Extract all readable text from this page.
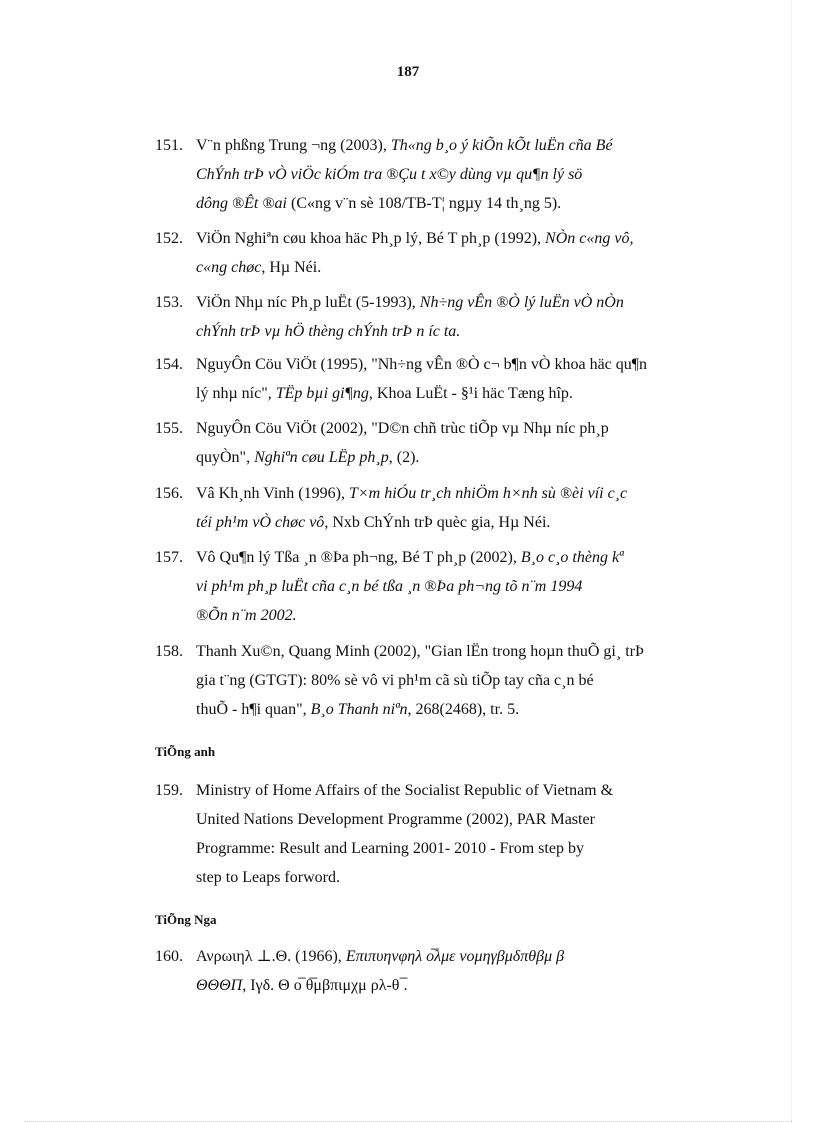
187
151. V¨n phßng Trung ¬ng (2003), Th«ng b¸o ý kiÕn kÕt luËn cña Bé
ChÝnh trÞ vÒ viÖc kiÓm tra ®Çu t x©y dùng vµ qu¶n lý sö
dông ®Êt ®ai (C«ng v¨n sè 108/TB-T¦ ngµy 14 th¸ng 5).
152. ViÖn Nghiªn cøu khoa häc Ph¸p lý, Bé T ph¸p (1992), NÒn c«ng vô,
c«ng chøc, Hµ Néi.
153. ViÖn Nhµ níc Ph¸p luËt (5-1993), Nh÷ng vÊn ®Ò lý luËn vÒ nÒn
chÝnh trÞ vµ hÖ thèng chÝnh trÞ n íc ta.
154. NguyÔn Cöu ViÖt (1995), "Nh÷ng vÊn ®Ò c¬ b¶n vÒ khoa häc qu¶n
lý nhµ níc", TËp bµi gi¶ng, Khoa LuËt - §¹i häc Tæng hîp.
155. NguyÔn Cöu ViÖt (2002), "D©n chñ trùc tiÕp vµ Nhµ níc ph¸p
quyÒn", Nghiªn cøu LËp ph¸p, (2).
156. Vâ Kh¸nh Vinh (1996), T×m hiÓu tr¸ch nhiÖm h×nh sù ®èi víi c¸c
téi ph¹m vÒ chøc vô, Nxb ChÝnh trÞ quèc gia, Hµ Néi.
157. Vô Qu¶n lý Tßa ¸n ®Þa ph¬ng, Bé T ph¸p (2002), B¸o c¸o thèng kª
vi ph¹m ph¸p luËt cña c¸n bé tßa ¸n ®Þa ph¬ng tõ n¨m 1994
®Õn n¨m 2002.
158. Thanh Xu©n, Quang Minh (2002), "Gian lËn trong hoµn thuÕ gi¸ trÞ
gia t¨ng (GTGT): 80% sè vô vi ph¹m cã sù tiÕp tay cña c¸n bé
thuÕ - h¶i quan", B¸o Thanh niªn, 268(2468), tr. 5.
TiÕng anh
159. Ministry of Home Affairs of the Socialist Republic of Vietnam &
United Nations Development Programme (2002), PAR Master
Programme: Result and Learning 2001- 2010 - From step by
step to Leaps forword.
TiÕng Nga
160. Ανρωιηλ ⊥.Θ. (1966), Επιπυηνφηλ ο̅λμε νομηγβμδπθβμ β
ΘΘΘΠ, Ιγδ. Θ ο̅ θ̅μβπιμχμ ρλ-θ ̅.
